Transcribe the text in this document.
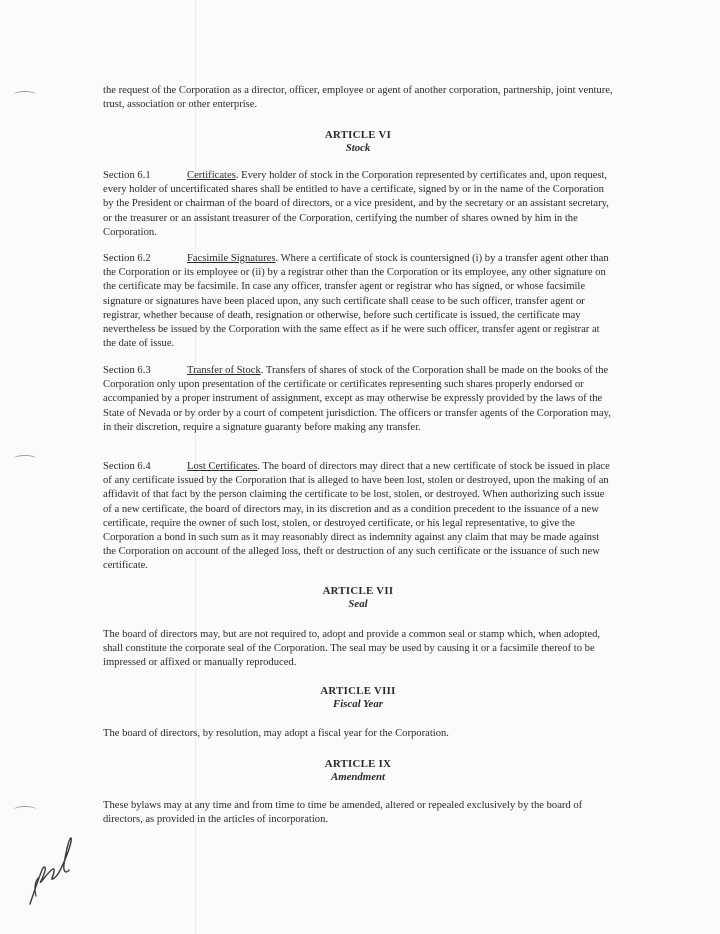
the request of the Corporation as a director, officer, employee or agent of another corporation, partnership, joint venture, trust, association or other enterprise.

ARTICLE VI
Stock

Section 6.1	Certificates. Every holder of stock in the Corporation represented by certificates and, upon request, every holder of uncertificated shares shall be entitled to have a certificate, signed by or in the name of the Corporation by the President or chairman of the board of directors, or a vice president, and by the secretary or an assistant secretary, or the treasurer or an assistant treasurer of the Corporation, certifying the number of shares owned by him in the Corporation.

Section 6.2	Facsimile Signatures. Where a certificate of stock is countersigned (i) by a transfer agent other than the Corporation or its employee or (ii) by a registrar other than the Corporation or its employee, any other signature on the certificate may be facsimile. In case any officer, transfer agent or registrar who has signed, or whose facsimile signature or signatures have been placed upon, any such certificate shall cease to be such officer, transfer agent or registrar, whether because of death, resignation or otherwise, before such certificate is issued, the certificate may nevertheless be issued by the Corporation with the same effect as if he were such officer, transfer agent or registrar at the date of issue.

Section 6.3	Transfer of Stock. Transfers of shares of stock of the Corporation shall be made on the books of the Corporation only upon presentation of the certificate or certificates representing such shares properly endorsed or accompanied by a proper instrument of assignment, except as may otherwise be expressly provided by the laws of the State of Nevada or by order by a court of competent jurisdiction. The officers or transfer agents of the Corporation may, in their discretion, require a signature guaranty before making any transfer.

Section 6.4	Lost Certificates. The board of directors may direct that a new certificate of stock be issued in place of any certificate issued by the Corporation that is alleged to have been lost, stolen or destroyed, upon the making of an affidavit of that fact by the person claiming the certificate to be lost, stolen, or destroyed. When authorizing such issue of a new certificate, the board of directors may, in its discretion and as a condition precedent to the issuance of a new certificate, require the owner of such lost, stolen, or destroyed certificate, or his legal representative, to give the Corporation a bond in such sum as it may reasonably direct as indemnity against any claim that may be made against the Corporation on account of the alleged loss, theft or destruction of any such certificate or the issuance of such new certificate.

ARTICLE VII
Seal

The board of directors may, but are not required to, adopt and provide a common seal or stamp which, when adopted, shall constitute the corporate seal of the Corporation. The seal may be used by causing it or a facsimile thereof to be impressed or affixed or manually reproduced.

ARTICLE VIII
Fiscal Year

The board of directors, by resolution, may adopt a fiscal year for the Corporation.

ARTICLE IX
Amendment

These bylaws may at any time and from time to time be amended, altered or repealed exclusively by the board of directors, as provided in the articles of incorporation.
